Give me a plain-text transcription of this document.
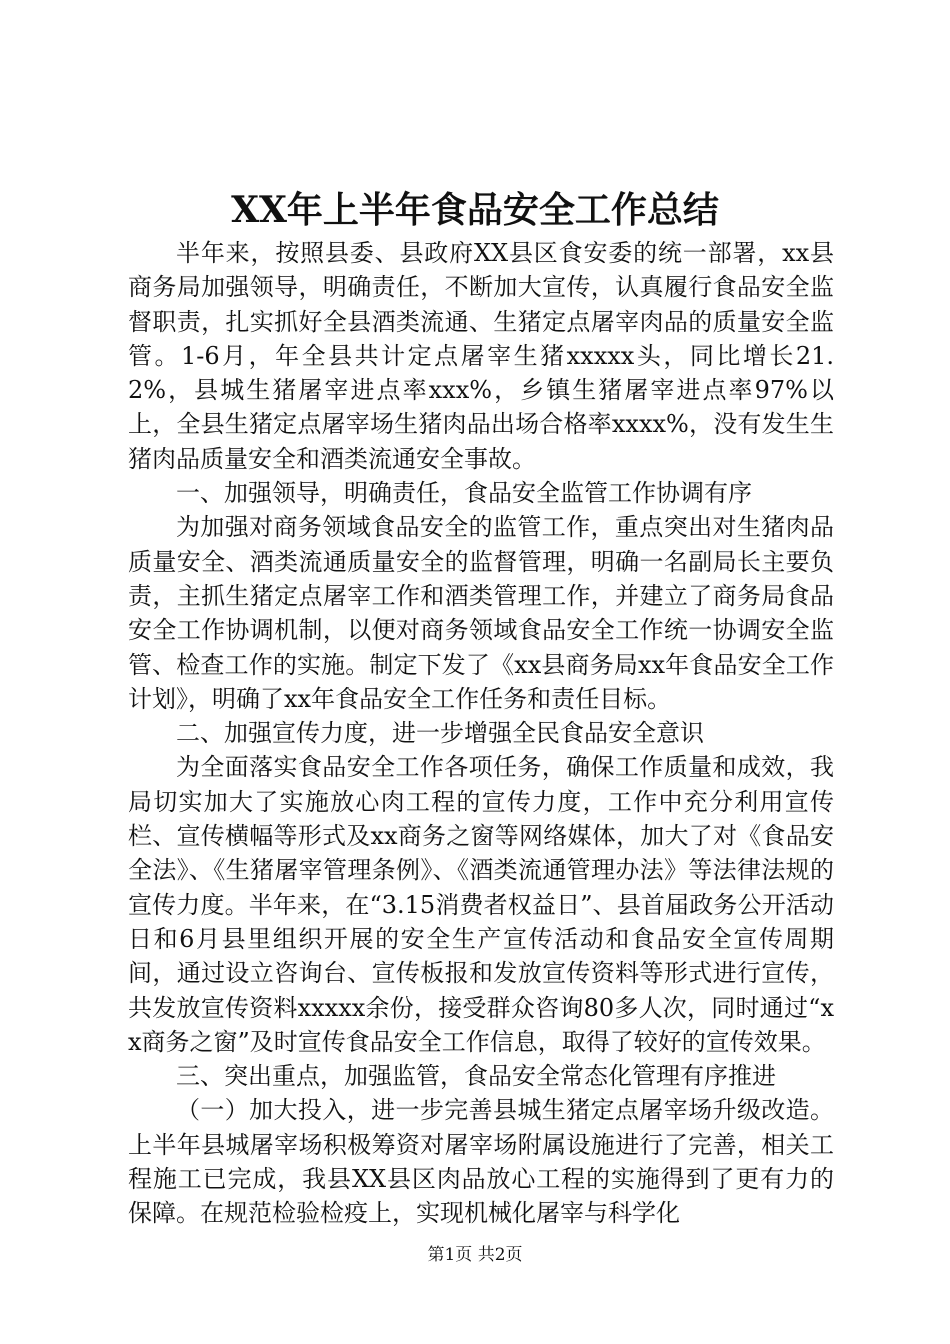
XX年上半年食品安全工作总结

半年来，按照县委、县政府XX县区食安委的统一部署，xx县商务局加强领导，明确责任，不断加大宣传，认真履行食品安全监督职责，扎实抓好全县酒类流通、生猪定点屠宰肉品的质量安全监管。1-6月，年全县共计定点屠宰生猪xxxxx头，同比增长21.2%，县城生猪屠宰进点率xxx%，乡镇生猪屠宰进点率97%以上，全县生猪定点屠宰场生猪肉品出场合格率xxxx%，没有发生生猪肉品质量安全和酒类流通安全事故。

一、加强领导，明确责任，食品安全监管工作协调有序

为加强对商务领域食品安全的监管工作，重点突出对生猪肉品质量安全、酒类流通质量安全的监督管理，明确一名副局长主要负责，主抓生猪定点屠宰工作和酒类管理工作，并建立了商务局食品安全工作协调机制，以便对商务领域食品安全工作统一协调安全监管、检查工作的实施。制定下发了《xx县商务局xx年食品安全工作计划》，明确了xx年食品安全工作任务和责任目标。

二、加强宣传力度，进一步增强全民食品安全意识

为全面落实食品安全工作各项任务，确保工作质量和成效，我局切实加大了实施放心肉工程的宣传力度，工作中充分利用宣传栏、宣传横幅等形式及xx商务之窗等网络媒体，加大了对《食品安全法》、《生猪屠宰管理条例》、《酒类流通管理办法》等法律法规的宣传力度。半年来，在“3.15消费者权益日”、县首届政务公开活动日和6月县里组织开展的安全生产宣传活动和食品安全宣传周期间，通过设立咨询台、宣传板报和发放宣传资料等形式进行宣传，共发放宣传资料xxxxx余份，接受群众咨询80多人次，同时通过“xx商务之窗”及时宣传食品安全工作信息，取得了较好的宣传效果。

三、突出重点，加强监管，食品安全常态化管理有序推进

（一）加大投入，进一步完善县城生猪定点屠宰场升级改造。上半年县城屠宰场积极筹资对屠宰场附属设施进行了完善，相关工程施工已完成，我县XX县区肉品放心工程的实施得到了更有力的保障。在规范检验检疫上，实现机械化屠宰与科学化

第1页 共2页
